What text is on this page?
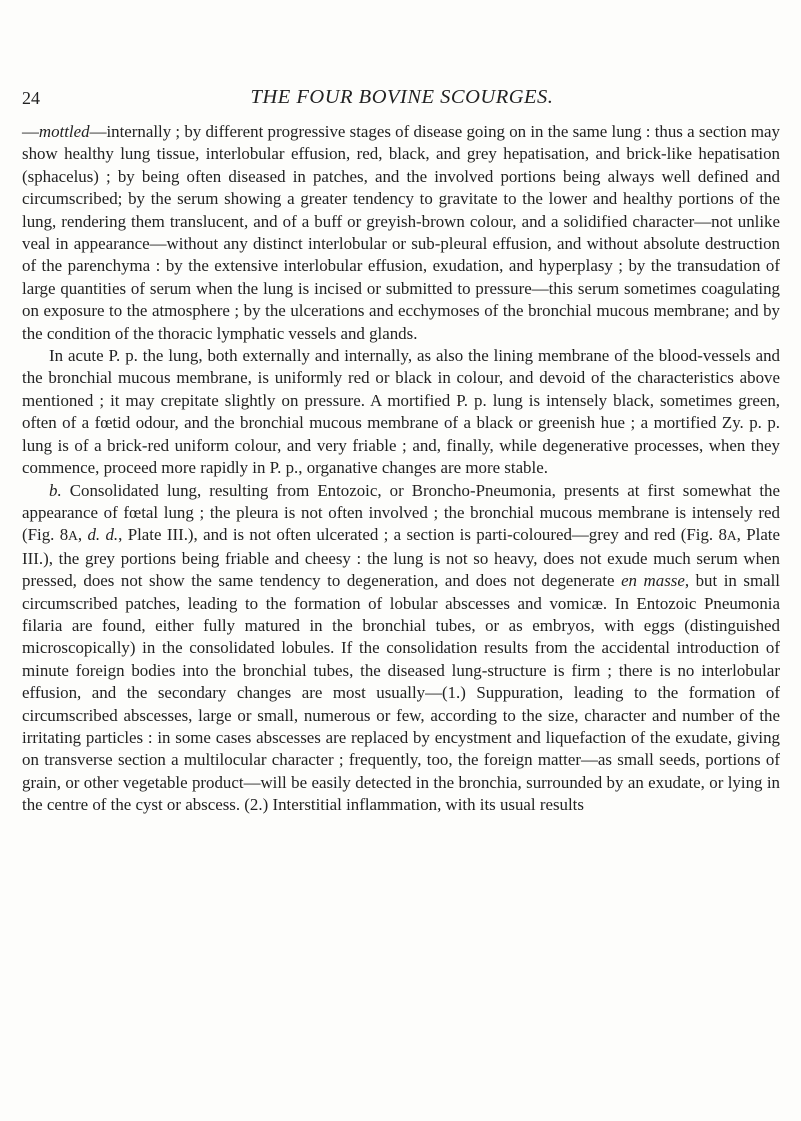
24	THE FOUR BOVINE SCOURGES.

—mottled—internally ; by different progressive stages of disease going on in the same lung : thus a section may show healthy lung tissue, interlobular effusion, red, black, and grey hepatisation, and brick-like hepatisation (sphacelus) ; by being often diseased in patches, and the involved portions being always well defined and circumscribed; by the serum showing a greater tendency to gravitate to the lower and healthy portions of the lung, rendering them translucent, and of a buff or greyish-brown colour, and a solidified character—not unlike veal in appearance—without any distinct interlobular or sub-pleural effusion, and without absolute destruction of the parenchyma : by the extensive interlobular effusion, exudation, and hyperplasy ; by the transudation of large quantities of serum when the lung is incised or submitted to pressure—this serum sometimes coagulating on exposure to the atmosphere ; by the ulcerations and ecchymoses of the bronchial mucous membrane; and by the condition of the thoracic lymphatic vessels and glands.

In acute P. p. the lung, both externally and internally, as also the lining membrane of the blood-vessels and the bronchial mucous membrane, is uniformly red or black in colour, and devoid of the characteristics above mentioned ; it may crepitate slightly on pressure. A mortified P. p. lung is intensely black, sometimes green, often of a fœtid odour, and the bronchial mucous membrane of a black or greenish hue ; a mortified Zy. p. p. lung is of a brick-red uniform colour, and very friable ; and, finally, while degenerative processes, when they commence, proceed more rapidly in P. p., organative changes are more stable.

b. Consolidated lung, resulting from Entozoic, or Broncho-Pneumonia, presents at first somewhat the appearance of fœtal lung ; the pleura is not often involved ; the bronchial mucous membrane is intensely red (Fig. 8A, d. d., Plate III.), and is not often ulcerated ; a section is parti-coloured—grey and red (Fig. 8A, Plate III.), the grey portions being friable and cheesy : the lung is not so heavy, does not exude much serum when pressed, does not show the same tendency to degeneration, and does not degenerate en masse, but in small circumscribed patches, leading to the formation of lobular abscesses and vomicæ. In Entozoic Pneumonia filaria are found, either fully matured in the bronchial tubes, or as embryos, with eggs (distinguished microscopically) in the consolidated lobules. If the consolidation results from the accidental introduction of minute foreign bodies into the bronchial tubes, the diseased lung-structure is firm ; there is no interlobular effusion, and the secondary changes are most usually—(1.) Suppuration, leading to the formation of circumscribed abscesses, large or small, numerous or few, according to the size, character and number of the irritating particles : in some cases abscesses are replaced by encystment and liquefaction of the exudate, giving on transverse section a multilocular character ; frequently, too, the foreign matter—as small seeds, portions of grain, or other vegetable product—will be easily detected in the bronchia, surrounded by an exudate, or lying in the centre of the cyst or abscess. (2.) Interstitial inflammation, with its usual results
